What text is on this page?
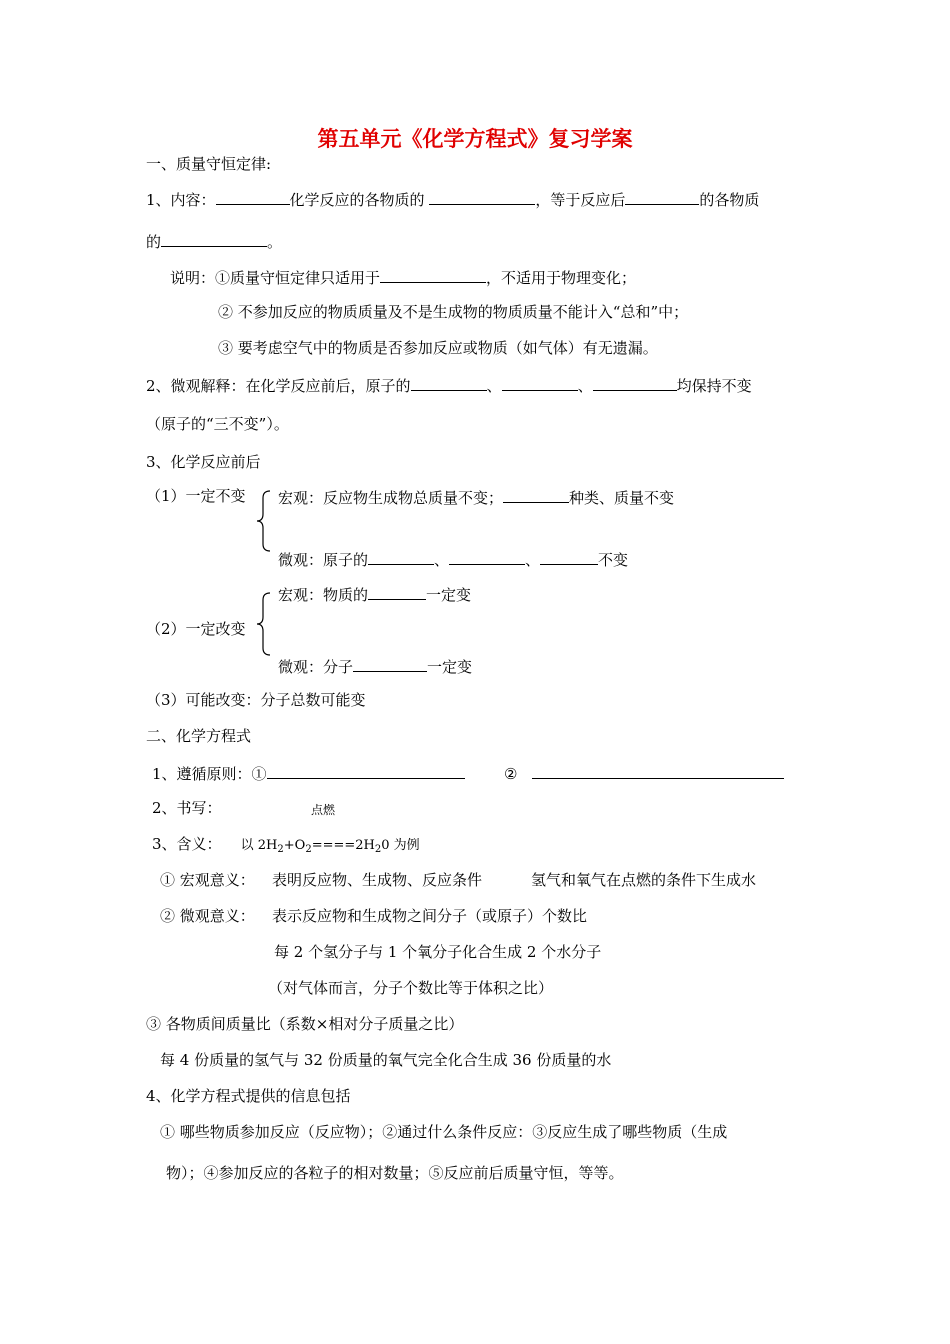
第五单元《化学方程式》复习学案
一、质量守恒定律:
1、内容：	化学反应的各物质的	，等于反应后	的各物质
的	。
说明：①质量守恒定律只适用于	，不适用于物理变化；
② 不参加反应的物质质量及不是生成物的物质质量不能计入“总和”中；
③ 要考虑空气中的物质是否参加反应或物质（如气体）有无遗漏。
2、微观解释：在化学反应前后，原子的	、	、	均保持不变
（原子的“三不变”）。
3、化学反应前后
（1）一定不变 宏观：反应物生成物总质量不变；	种类、质量不变
微观：原子的	、	、	不变
宏观：物质的	一定变
（2）一定改变
微观：分子	一定变
（3）可能改变：分子总数可能变
二、化学方程式
1、遵循原则：①	②
2、书写：	点燃
3、含义： 以 $2H_2+O_2====2H_20$ 为例
① 宏观意义： 表明反应物、生成物、反应条件	氢气和氧气在点燃的条件下生成水
② 微观意义： 表示反应物和生成物之间分子（或原子）个数比
每 2 个氢分子与 1 个氧分子化合生成 2 个水分子
（对气体而言，分子个数比等于体积之比）
③ 各物质间质量比（系数×相对分子质量之比）
每 4 份质量的氢气与 32 份质量的氧气完全化合生成 36 份质量的水
4、化学方程式提供的信息包括
① 哪些物质参加反应（反应物）；②通过什么条件反应：③反应生成了哪些物质（生成
物）；④参加反应的各粒子的相对数量；⑤反应前后质量守恒，等等。
